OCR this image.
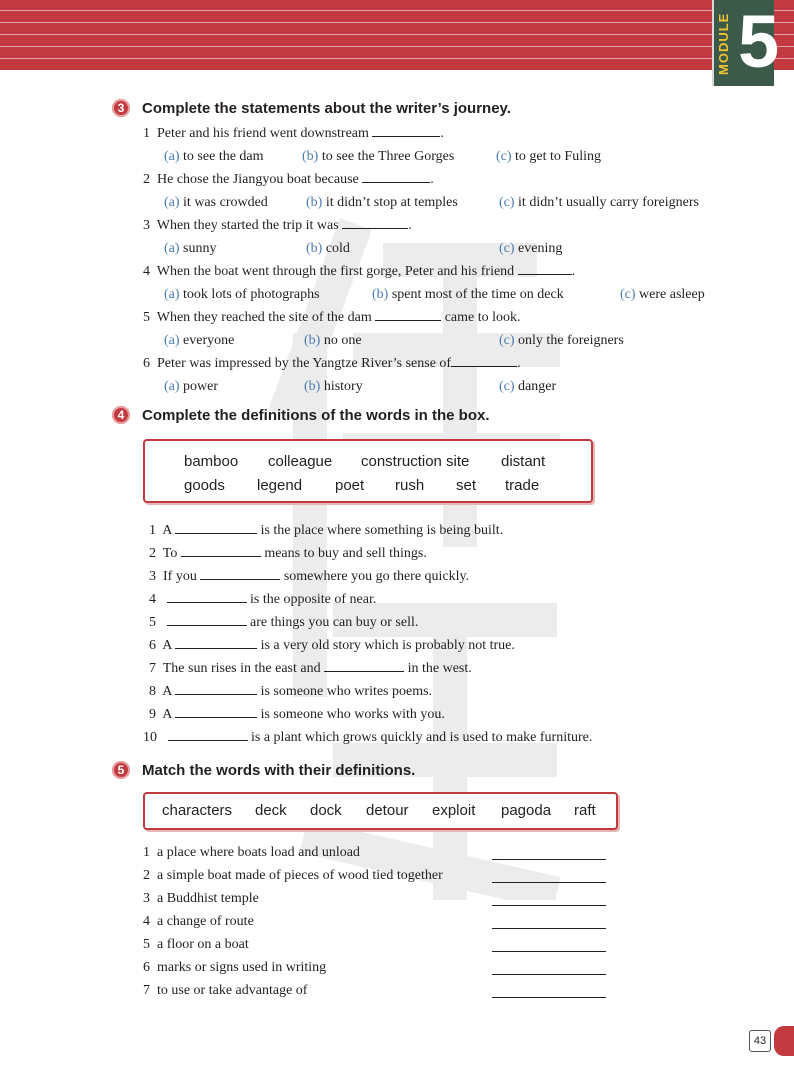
MODULE 5
3	Complete the statements about the writer’s journey.
1 Peter and his friend went downstream	.
(a) to see the dam	(b) to see the Three Gorges	(c) to get to Fuling
2 He chose the Jiangyou boat because	.
(a) it was crowded	(b) it didn’t stop at temples	(c) it didn’t usually carry foreigners
3 When they started the trip it was	.
(a) sunny	(b) cold	(c) evening
4 When the boat went through the first gorge, Peter and his friend	.
(a) took lots of photographs	(b) spent most of the time on deck	(c) were asleep
5 When they reached the site of the dam	came to look.
(a) everyone	(b) no one	(c) only the foreigners
6 Peter was impressed by the Yangtze River’s sense of	.
(a) power	(b) history	(c) danger
4	Complete the definitions of the words in the box.
bamboo colleague construction site distant
goods legend poet rush set trade
1 A	is the place where something is being built.
2 To	means to buy and sell things.
3 If you	somewhere you go there quickly.
4	is the opposite of near.
5	are things you can buy or sell.
6 A	is a very old story which is probably not true.
7 The sun rises in the east and	in the west.
8 A	is someone who writes poems.
9 A	is someone who works with you.
10	is a plant which grows quickly and is used to make furniture.
5	Match the words with their definitions.
characters deck dock detour exploit pagoda raft
1 a place where boats load and unload
2 a simple boat made of pieces of wood tied together
3 a Buddhist temple
4 a change of route
5 a floor on a boat
6 marks or signs used in writing
7 to use or take advantage of
43
